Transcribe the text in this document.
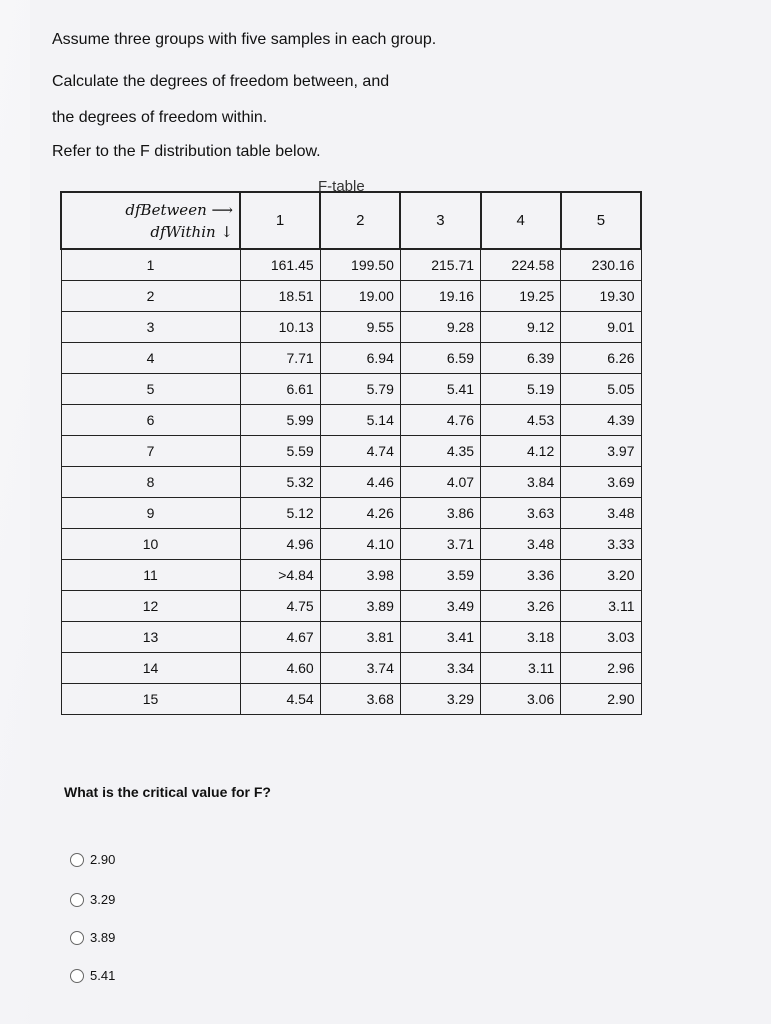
Assume three groups with five samples in each group.
Calculate the degrees of freedom between, and
the degrees of freedom within.
Refer to the F distribution table below.
F-table
dfBetween ⟶
dfWithin ↓	1	2	3	4	5
1	161.45	199.50	215.71	224.58	230.16
2	18.51	19.00	19.16	19.25	19.30
3	10.13	9.55	9.28	9.12	9.01
4	7.71	6.94	6.59	6.39	6.26
5	6.61	5.79	5.41	5.19	5.05
6	5.99	5.14	4.76	4.53	4.39
7	5.59	4.74	4.35	4.12	3.97
8	5.32	4.46	4.07	3.84	3.69
9	5.12	4.26	3.86	3.63	3.48
10	4.96	4.10	3.71	3.48	3.33
11	>4.84	3.98	3.59	3.36	3.20
12	4.75	3.89	3.49	3.26	3.11
13	4.67	3.81	3.41	3.18	3.03
14	4.60	3.74	3.34	3.11	2.96
15	4.54	3.68	3.29	3.06	2.90
What is the critical value for F?
2.90
3.29
3.89
5.41
